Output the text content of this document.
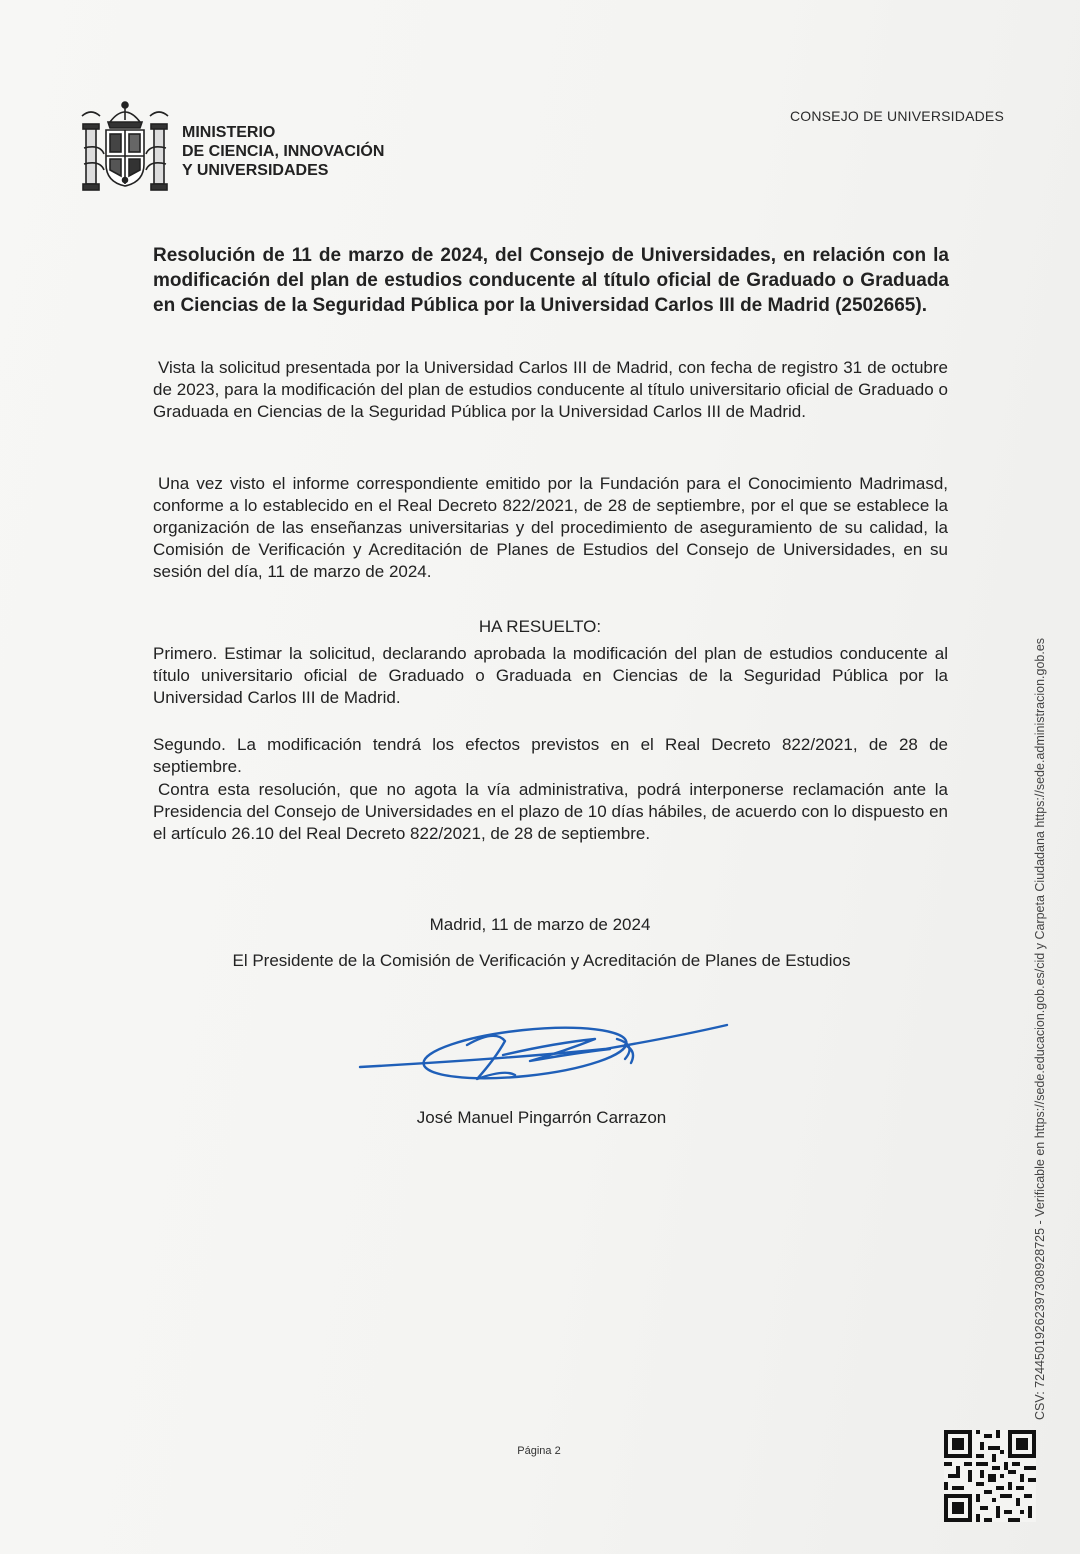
MINISTERIO
DE CIENCIA, INNOVACIÓN
Y UNIVERSIDADES
CONSEJO DE UNIVERSIDADES
Resolución de 11 de marzo de 2024, del Consejo de Universidades, en relación con la modificación del plan de estudios conducente al título oficial de Graduado o Graduada en Ciencias de la Seguridad Pública por la Universidad Carlos III de Madrid (2502665).
Vista la solicitud presentada por la Universidad Carlos III de Madrid, con fecha de registro 31 de octubre de 2023, para la modificación del plan de estudios conducente al título universitario oficial de Graduado o Graduada en Ciencias de la Seguridad Pública por la Universidad Carlos III de Madrid.
Una vez visto el informe correspondiente emitido por la Fundación para el Conocimiento Madrimasd, conforme a lo establecido en el Real Decreto 822/2021, de 28 de septiembre, por el que se establece la organización de las enseñanzas universitarias y del procedimiento de aseguramiento de su calidad, la Comisión de Verificación y Acreditación de Planes de Estudios del Consejo de Universidades, en su sesión del día, 11 de marzo de 2024.
HA RESUELTO:
Primero. Estimar la solicitud, declarando aprobada la modificación del plan de estudios conducente al título universitario oficial de Graduado o Graduada en Ciencias de la Seguridad Pública por la Universidad Carlos III de Madrid.
Segundo. La modificación tendrá los efectos previstos en el Real Decreto 822/2021, de 28 de septiembre.
Contra esta resolución, que no agota la vía administrativa, podrá interponerse reclamación ante la Presidencia del Consejo de Universidades en el plazo de 10 días hábiles, de acuerdo con lo dispuesto en el artículo 26.10 del Real Decreto 822/2021, de 28 de septiembre.
Madrid, 11 de marzo de 2024
El Presidente de la Comisión de Verificación y Acreditación de Planes de Estudios
José Manuel Pingarrón Carrazon
Página 2
CSV: 72445019262397308928725 - Verificable en https://sede.educacion.gob.es/cid y Carpeta Ciudadana https://sede.administracion.gob.es
